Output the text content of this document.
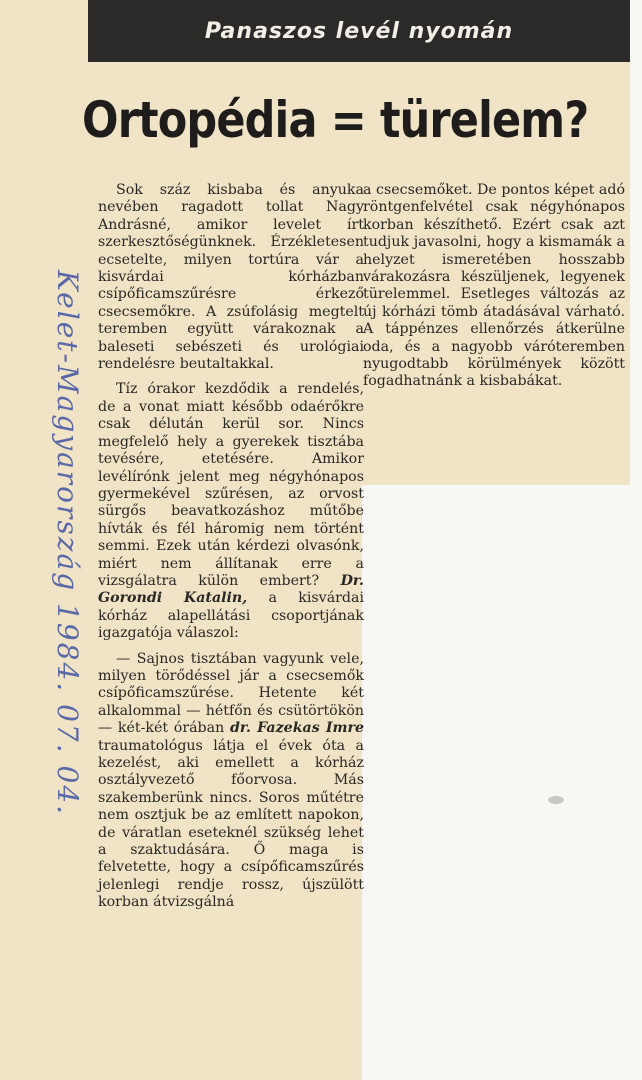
Panaszos levél nyomán
Ortopédia = türelem?
Kelet-Magyarország 1984. 07. 04.

Sok száz kisbaba és anyuka nevében ragadott tollat Nagy Andrásné, amikor levelet írt szerkesztőségünknek. Érzékletesen ecsetelte, milyen tortúra vár a kisvárdai kórházban csípőficamszűrésre érkező csecsemőkre. A zsúfolásig megtelt teremben együtt várakoznak a baleseti sebészeti és urológiai rendelésre beutaltakkal.

Tíz órakor kezdődik a rendelés, de a vonat miatt később odaérőkre csak délután kerül sor. Nincs megfelelő hely a gyerekek tisztába tevésére, etetésére. Amikor levélírónk jelent meg négyhónapos gyermekével szűrésen, az orvost sürgős beavatkozáshoz műtőbe hívták és fél háromig nem történt semmi. Ezek után kérdezi olvasónk, miért nem állítanak erre a vizsgálatra külön embert? Dr. Gorondi Katalin, a kisvárdai kórház alapellátási csoportjának igazgatója válaszol:

— Sajnos tisztában vagyunk vele, milyen törődéssel jár a csecsemők csípőficamszűrése. Hetente két alkalommal — hétfőn és csütörtökön — két-két órában dr. Fazekas Imre traumatológus látja el évek óta a kezelést, aki emellett a kórház osztályvezető főorvosa. Más szakemberünk nincs. Soros műtétre nem osztjuk be az említett napokon, de váratlan eseteknél szükség lehet a szaktudására. Ő maga is felvetette, hogy a csípőficamszűrés jelenlegi rendje rossz, újszülött korban átvizsgálná

a csecsemőket. De pontos képet adó röntgenfelvétel csak négyhónapos korban készíthető. Ezért csak azt tudjuk javasolni, hogy a kismamák a helyzet ismeretében hosszabb várakozásra készüljenek, legyenek türelemmel. Esetleges változás az új kórházi tömb átadásával várható. A táppénzes ellenőrzés átkerülne oda, és a nagyobb váróteremben nyugodtabb körülmények között fogadhatnánk a kisbabákat.
